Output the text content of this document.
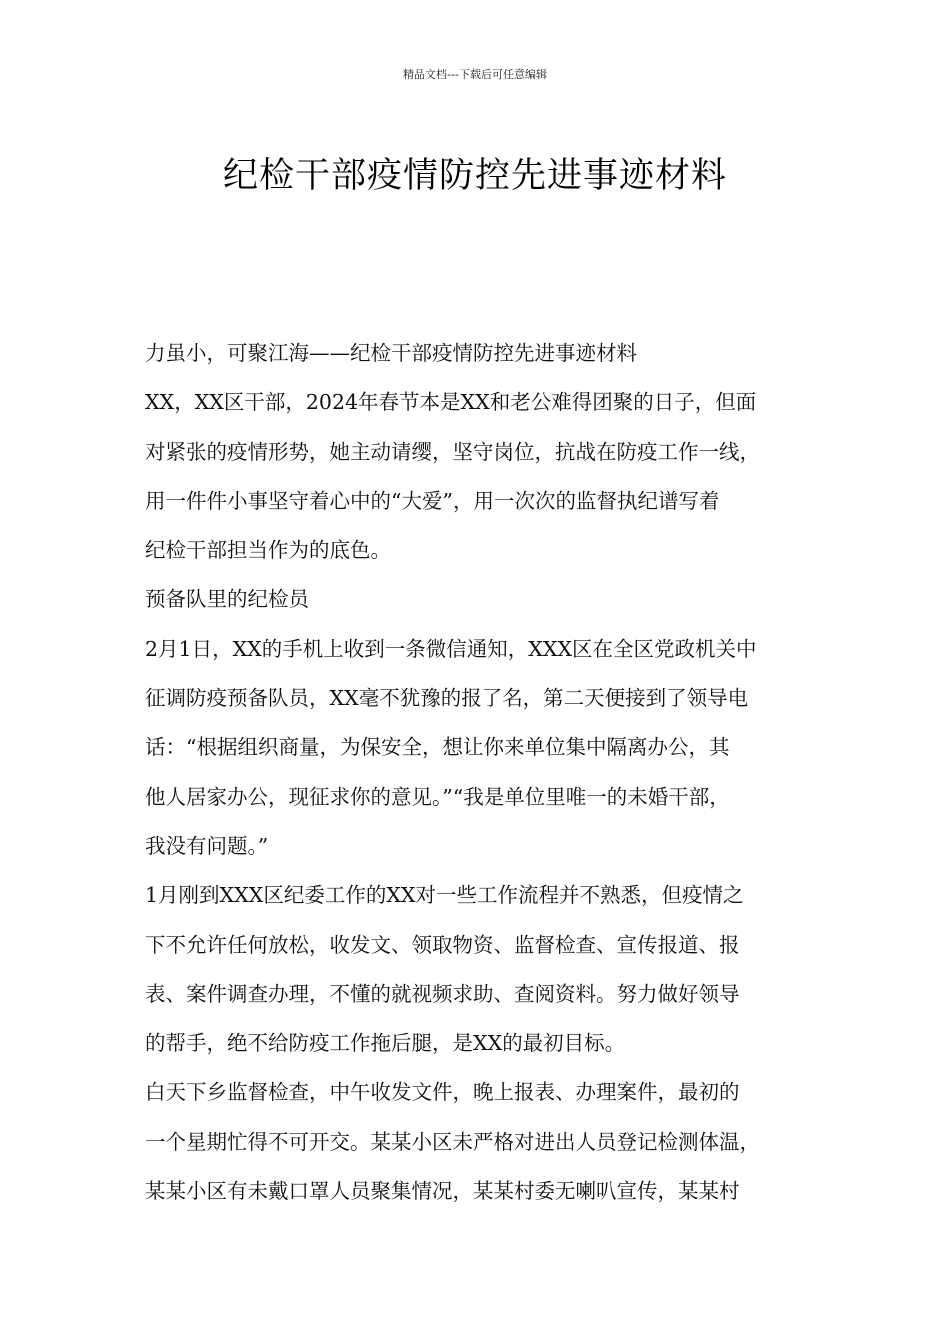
精品文档---下载后可任意编辑
纪检干部疫情防控先进事迹材料
力虽小，可聚江海——纪检干部疫情防控先进事迹材料
XX，XX区干部，2024年春节本是XX和老公难得团聚的日子，但面
对紧张的疫情形势，她主动请缨，坚守岗位，抗战在防疫工作一线，
用一件件小事坚守着心中的“大爱”，用一次次的监督执纪谱写着
纪检干部担当作为的底色。
预备队里的纪检员
2月1日，XX的手机上收到一条微信通知，XXX区在全区党政机关中
征调防疫预备队员，XX毫不犹豫的报了名，第二天便接到了领导电
话：“根据组织商量，为保安全，想让你来单位集中隔离办公，其
他人居家办公，现征求你的意见。”“我是单位里唯一的未婚干部，
我没有问题。”
1月刚到XXX区纪委工作的XX对一些工作流程并不熟悉，但疫情之
下不允许任何放松，收发文、领取物资、监督检查、宣传报道、报
表、案件调查办理，不懂的就视频求助、查阅资料。努力做好领导
的帮手，绝不给防疫工作拖后腿，是XX的最初目标。
白天下乡监督检查，中午收发文件，晚上报表、办理案件，最初的
一个星期忙得不可开交。某某小区未严格对进出人员登记检测体温，
某某小区有未戴口罩人员聚集情况，某某村委无喇叭宣传，某某村
